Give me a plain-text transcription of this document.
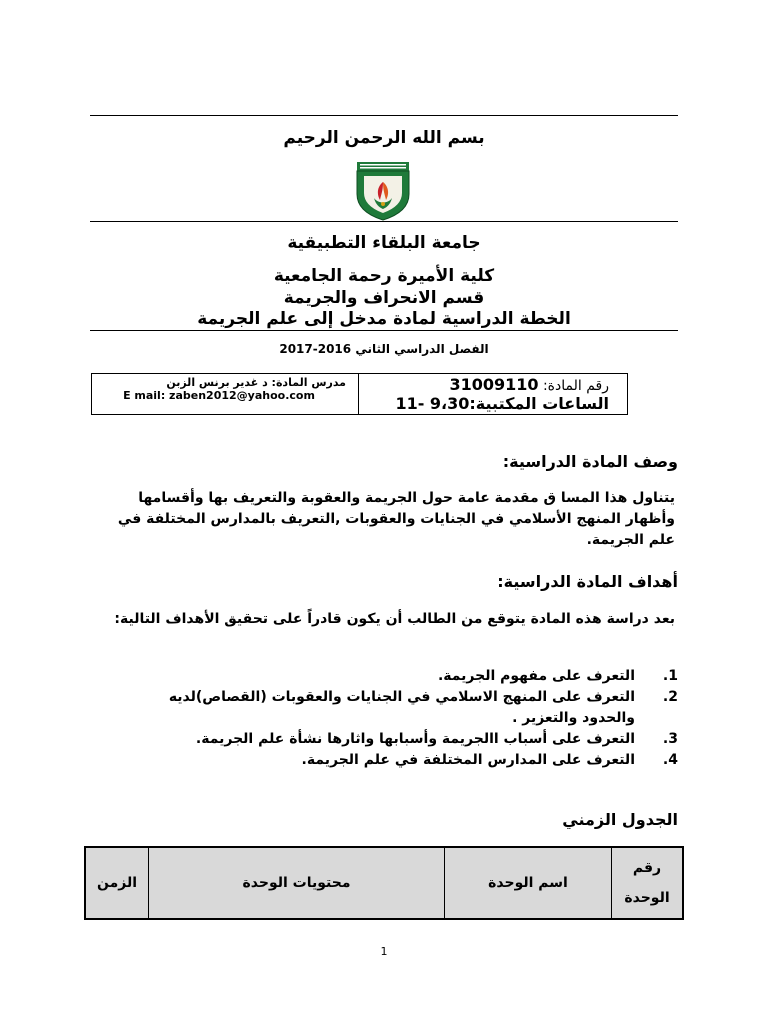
بسم الله الرحمن الرحيم
جامعة البلقاء التطبيقية
كلية الأميرة رحمة الجامعية
قسم الانحراف والجريمة
الخطة الدراسية لمادة مدخل إلى علم الجريمة
الفصل الدراسي الثاني 2016-2017
مدرس المادة: د غدير برنس الزبن
E mail: zaben2012@yahoo.com
رقم المادة: 31009110
الساعات المكتبية:9،30 -11
وصف المادة الدراسية:
يتناول هذا المسا ق مقدمة عامة حول الجريمة والعقوبة والتعريف بها وأقسامها وأظهار المنهج الأسلامي في الجنايات والعقوبات ,التعريف بالمدارس المختلفة في علم الجريمة.
أهداف المادة الدراسية:
بعد دراسة هذه المادة يتوقع من الطالب أن يكون قادراً على تحقيق الأهداف التالية:
1.
التعرف على مفهوم الجريمة.
2.
التعرف على المنهج الاسلامي في الجنايات والعقوبات (القصاص)لديه والحدود والتعزير .
3.
التعرف على أسباب االجريمة وأسبابها واثارها نشأة علم الجريمة.
4.
التعرف على المدارس المختلفة في علم الجريمة.
الجدول الزمني
رقم الوحدة	اسم الوحدة	محتويات الوحدة	الزمن
1
